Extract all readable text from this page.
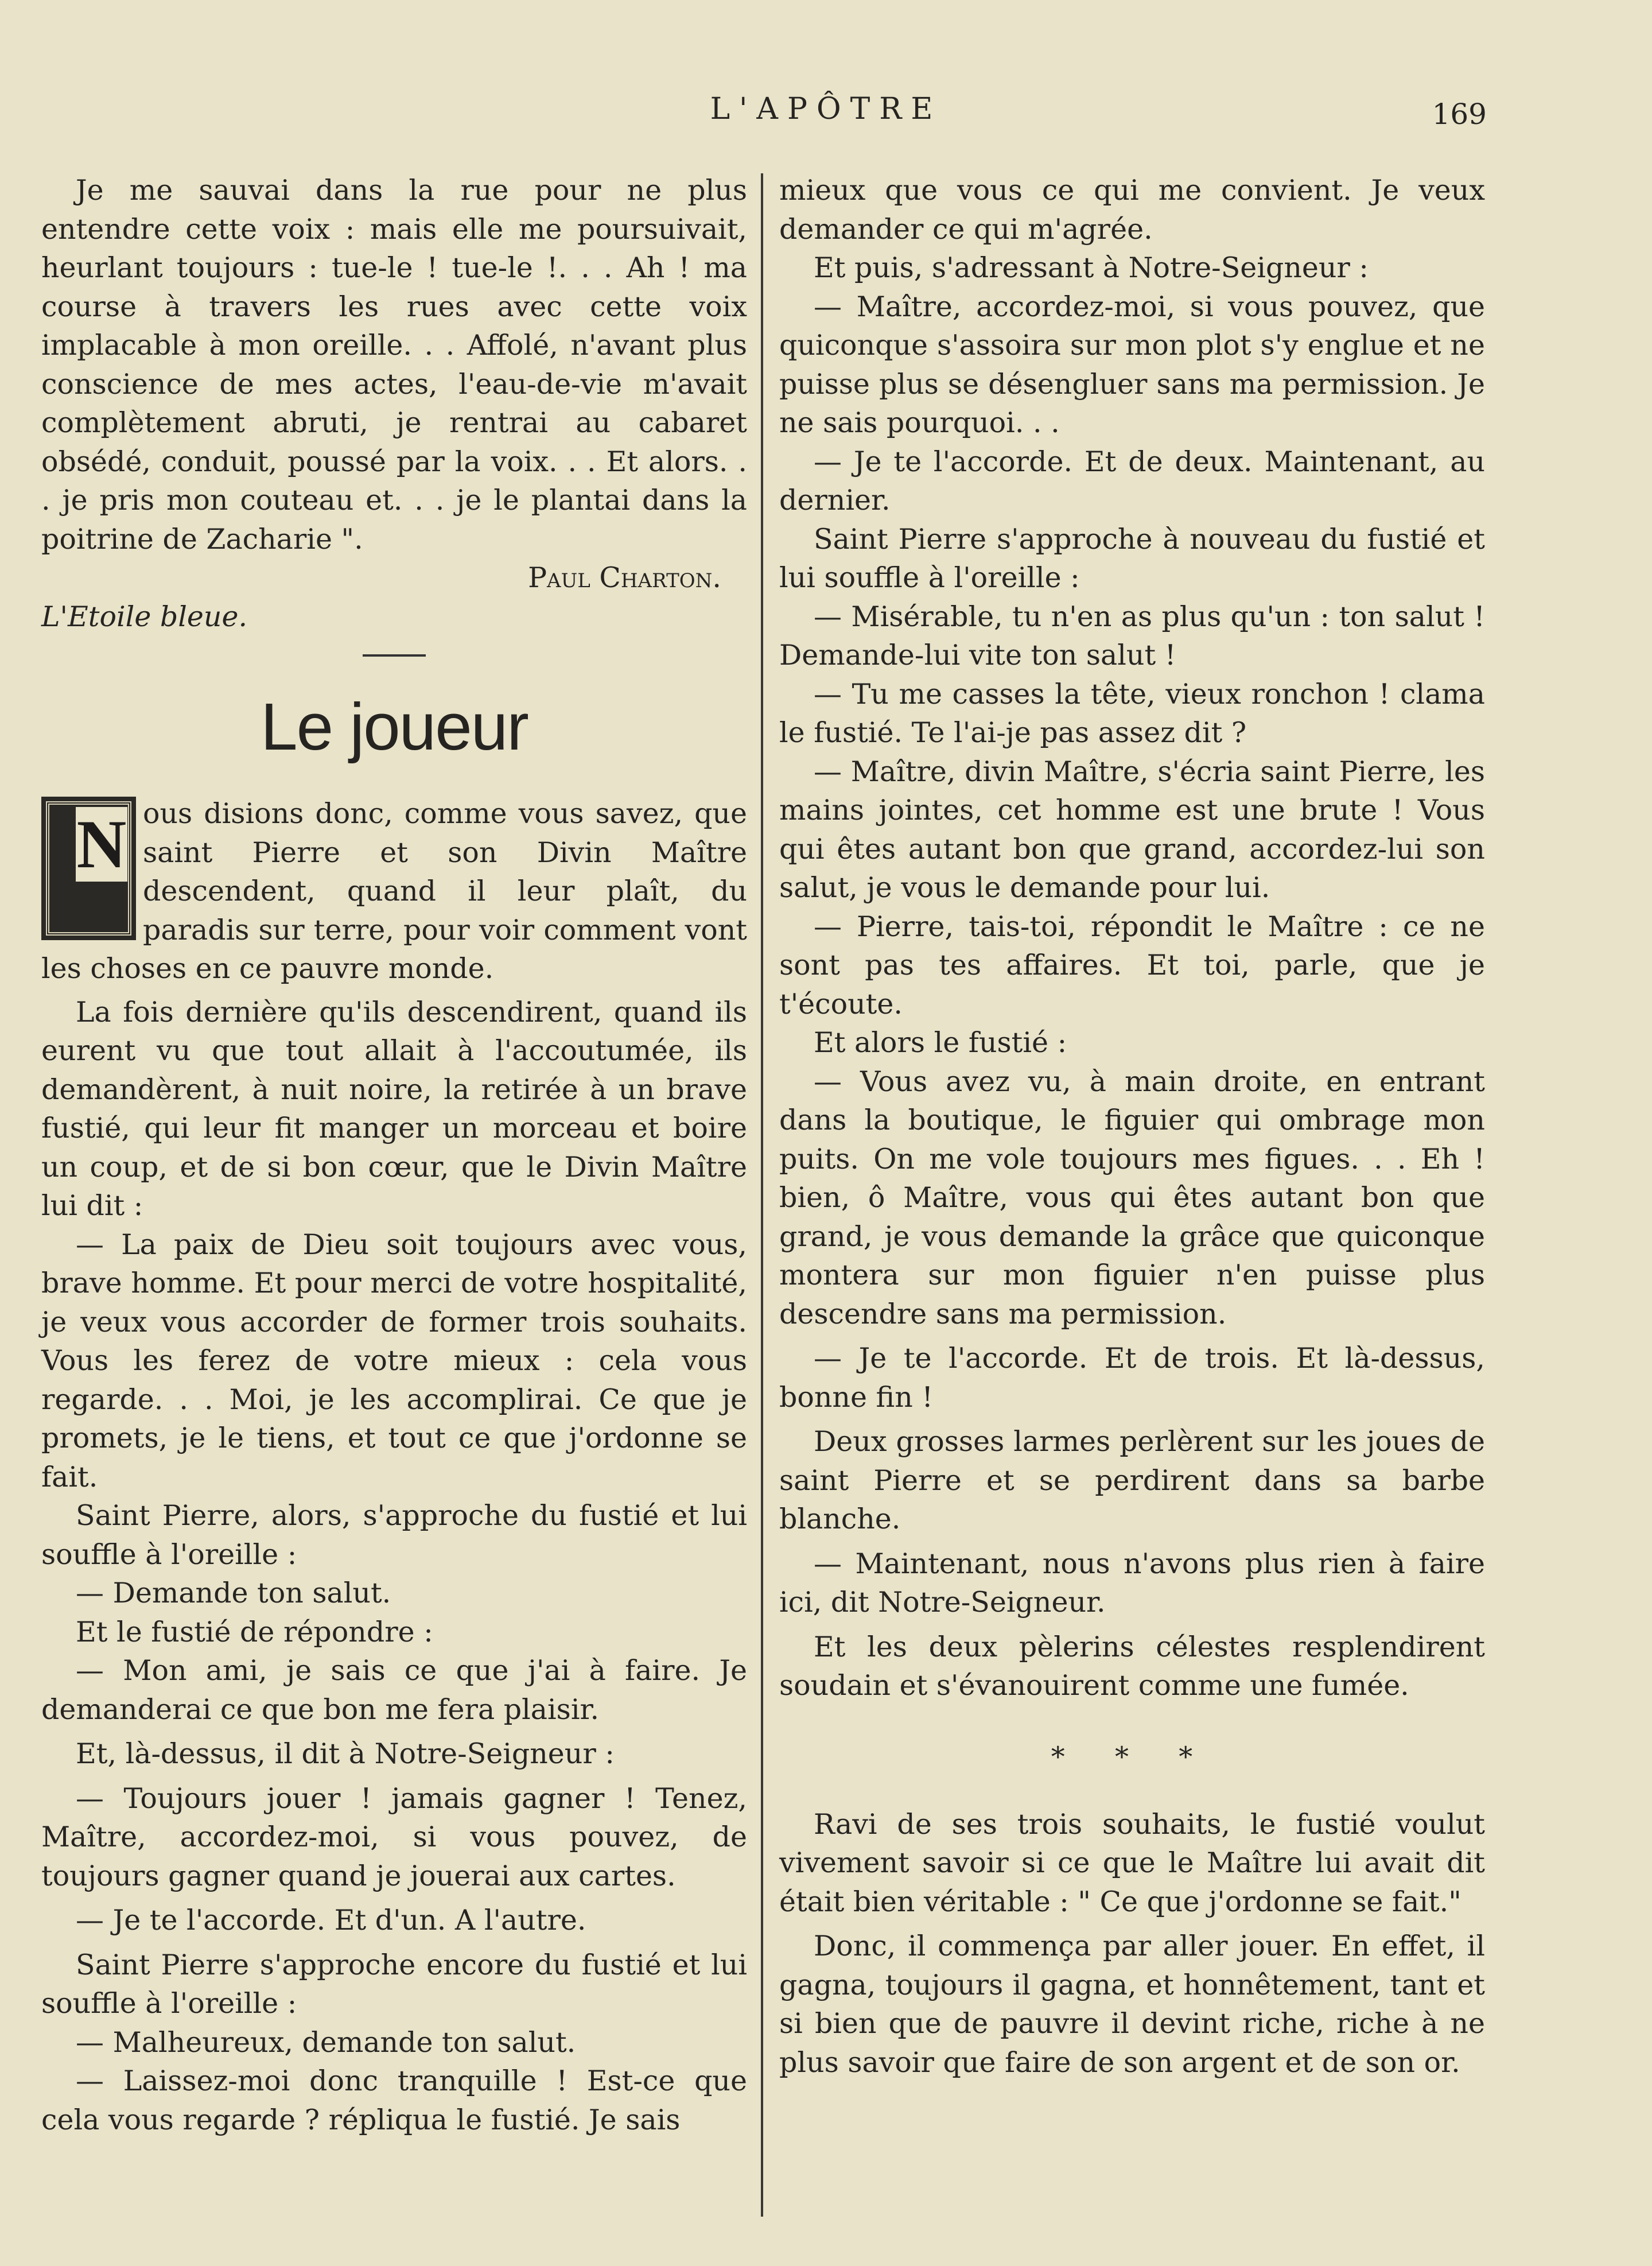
L'APÔTRE	169

Je me sauvai dans la rue pour ne plus entendre cette voix : mais elle me poursuivait, heurlant toujours : tue-le ! tue-le !. . . Ah ! ma course à travers les rues avec cette voix implacable à mon oreille. . . Affolé, n'avant plus conscience de mes actes, l'eau-de-vie m'avait complètement abruti, je rentrai au cabaret obsédé, conduit, poussé par la voix. . . Et alors. . . je pris mon couteau et. . . je le plantai dans la poitrine de Zacharie ".

Paul Charton.
L'Etoile bleue.
Le joueur

N ous disions donc, comme vous savez, que saint Pierre et son Divin Maître descendent, quand il leur plaît, du paradis sur terre, pour voir comment vont les choses en ce pauvre monde.

La fois dernière qu'ils descendirent, quand ils eurent vu que tout allait à l'accoutumée, ils demandèrent, à nuit noire, la retirée à un brave fustié, qui leur fit manger un morceau et boire un coup, et de si bon cœur, que le Divin Maître lui dit :

— La paix de Dieu soit toujours avec vous, brave homme. Et pour merci de votre hospitalité, je veux vous accorder de former trois souhaits. Vous les ferez de votre mieux : cela vous regarde. . . Moi, je les accomplirai. Ce que je promets, je le tiens, et tout ce que j'ordonne se fait.

Saint Pierre, alors, s'approche du fustié et lui souffle à l'oreille :

— Demande ton salut.

Et le fustié de répondre :

— Mon ami, je sais ce que j'ai à faire. Je demanderai ce que bon me fera plaisir.

Et, là-dessus, il dit à Notre-Seigneur :

— Toujours jouer ! jamais gagner ! Tenez, Maître, accordez-moi, si vous pouvez, de toujours gagner quand je jouerai aux cartes.

— Je te l'accorde. Et d'un. A l'autre.

Saint Pierre s'approche encore du fustié et lui souffle à l'oreille :

— Malheureux, demande ton salut.

— Laissez-moi donc tranquille ! Est-ce que cela vous regarde ? répliqua le fustié. Je sais

mieux que vous ce qui me convient. Je veux demander ce qui m'agrée.

Et puis, s'adressant à Notre-Seigneur :

— Maître, accordez-moi, si vous pouvez, que quiconque s'assoira sur mon plot s'y englue et ne puisse plus se désengluer sans ma permission. Je ne sais pourquoi. . .

— Je te l'accorde. Et de deux. Maintenant, au dernier.

Saint Pierre s'approche à nouveau du fustié et lui souffle à l'oreille :

— Misérable, tu n'en as plus qu'un : ton salut ! Demande-lui vite ton salut !

— Tu me casses la tête, vieux ronchon ! clama le fustié. Te l'ai-je pas assez dit ?

— Maître, divin Maître, s'écria saint Pierre, les mains jointes, cet homme est une brute ! Vous qui êtes autant bon que grand, accordez-lui son salut, je vous le demande pour lui.

— Pierre, tais-toi, répondit le Maître : ce ne sont pas tes affaires. Et toi, parle, que je t'écoute.

Et alors le fustié :

— Vous avez vu, à main droite, en entrant dans la boutique, le figuier qui ombrage mon puits. On me vole toujours mes figues. . . Eh ! bien, ô Maître, vous qui êtes autant bon que grand, je vous demande la grâce que quiconque montera sur mon figuier n'en puisse plus descendre sans ma permission.

— Je te l'accorde. Et de trois. Et là-dessus, bonne fin !

Deux grosses larmes perlèrent sur les joues de saint Pierre et se perdirent dans sa barbe blanche.

— Maintenant, nous n'avons plus rien à faire ici, dit Notre-Seigneur.

Et les deux pèlerins célestes resplendirent soudain et s'évanouirent comme une fumée.

* * *

Ravi de ses trois souhaits, le fustié voulut vivement savoir si ce que le Maître lui avait dit était bien véritable : " Ce que j'ordonne se fait."

Donc, il commença par aller jouer. En effet, il gagna, toujours il gagna, et honnêtement, tant et si bien que de pauvre il devint riche, riche à ne plus savoir que faire de son argent et de son or.
